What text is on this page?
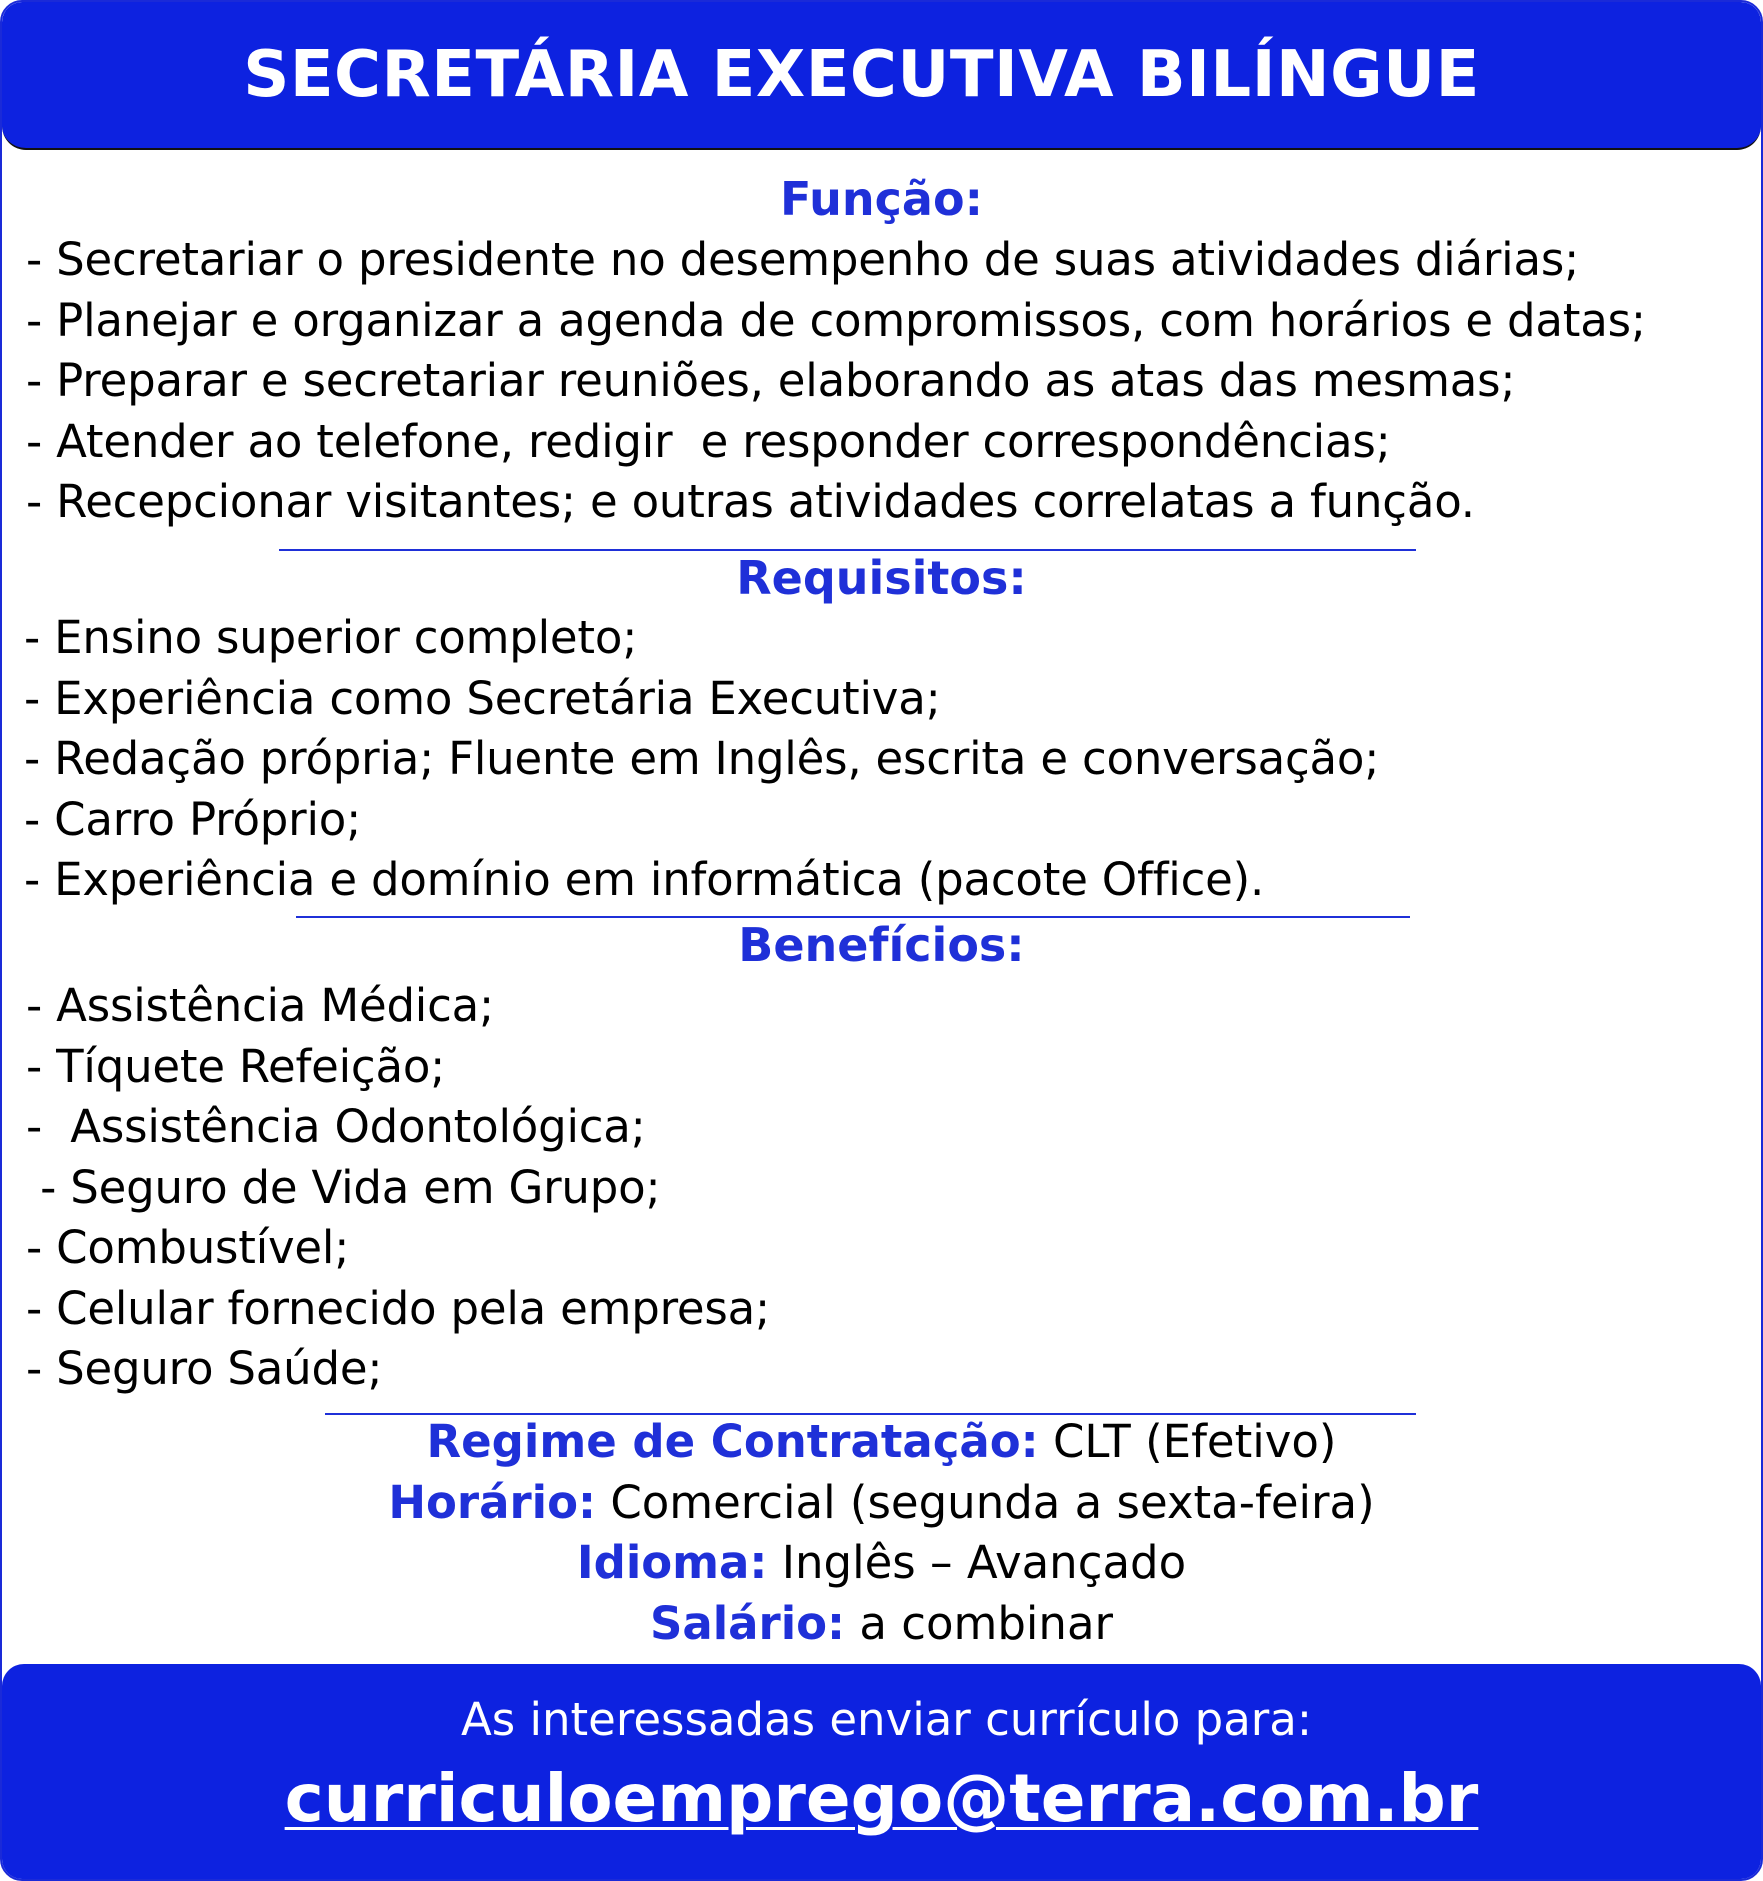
SECRETÁRIA EXECUTIVA BILÍNGUE
Função:
- Secretariar o presidente no desempenho de suas atividades diárias;
- Planejar e organizar a agenda de compromissos, com horários e datas;
- Preparar e secretariar reuniões, elaborando as atas das mesmas;
- Atender ao telefone, redigir  e responder correspondências;
- Recepcionar visitantes; e outras atividades correlatas a função.
Requisitos:
- Ensino superior completo;
- Experiência como Secretária Executiva;
- Redação própria; Fluente em Inglês, escrita e conversação;
- Carro Próprio;
- Experiência e domínio em informática (pacote Office).
Benefícios:
- Assistência Médica;
- Tíquete Refeição;
-  Assistência Odontológica;
- Seguro de Vida em Grupo;
- Combustível;
- Celular fornecido pela empresa;
- Seguro Saúde;
Regime de Contratação: CLT (Efetivo)
Horário: Comercial (segunda a sexta-feira)
Idioma: Inglês – Avançado
Salário: a combinar
As interessadas enviar currículo para:
curriculoemprego@terra.com.br
